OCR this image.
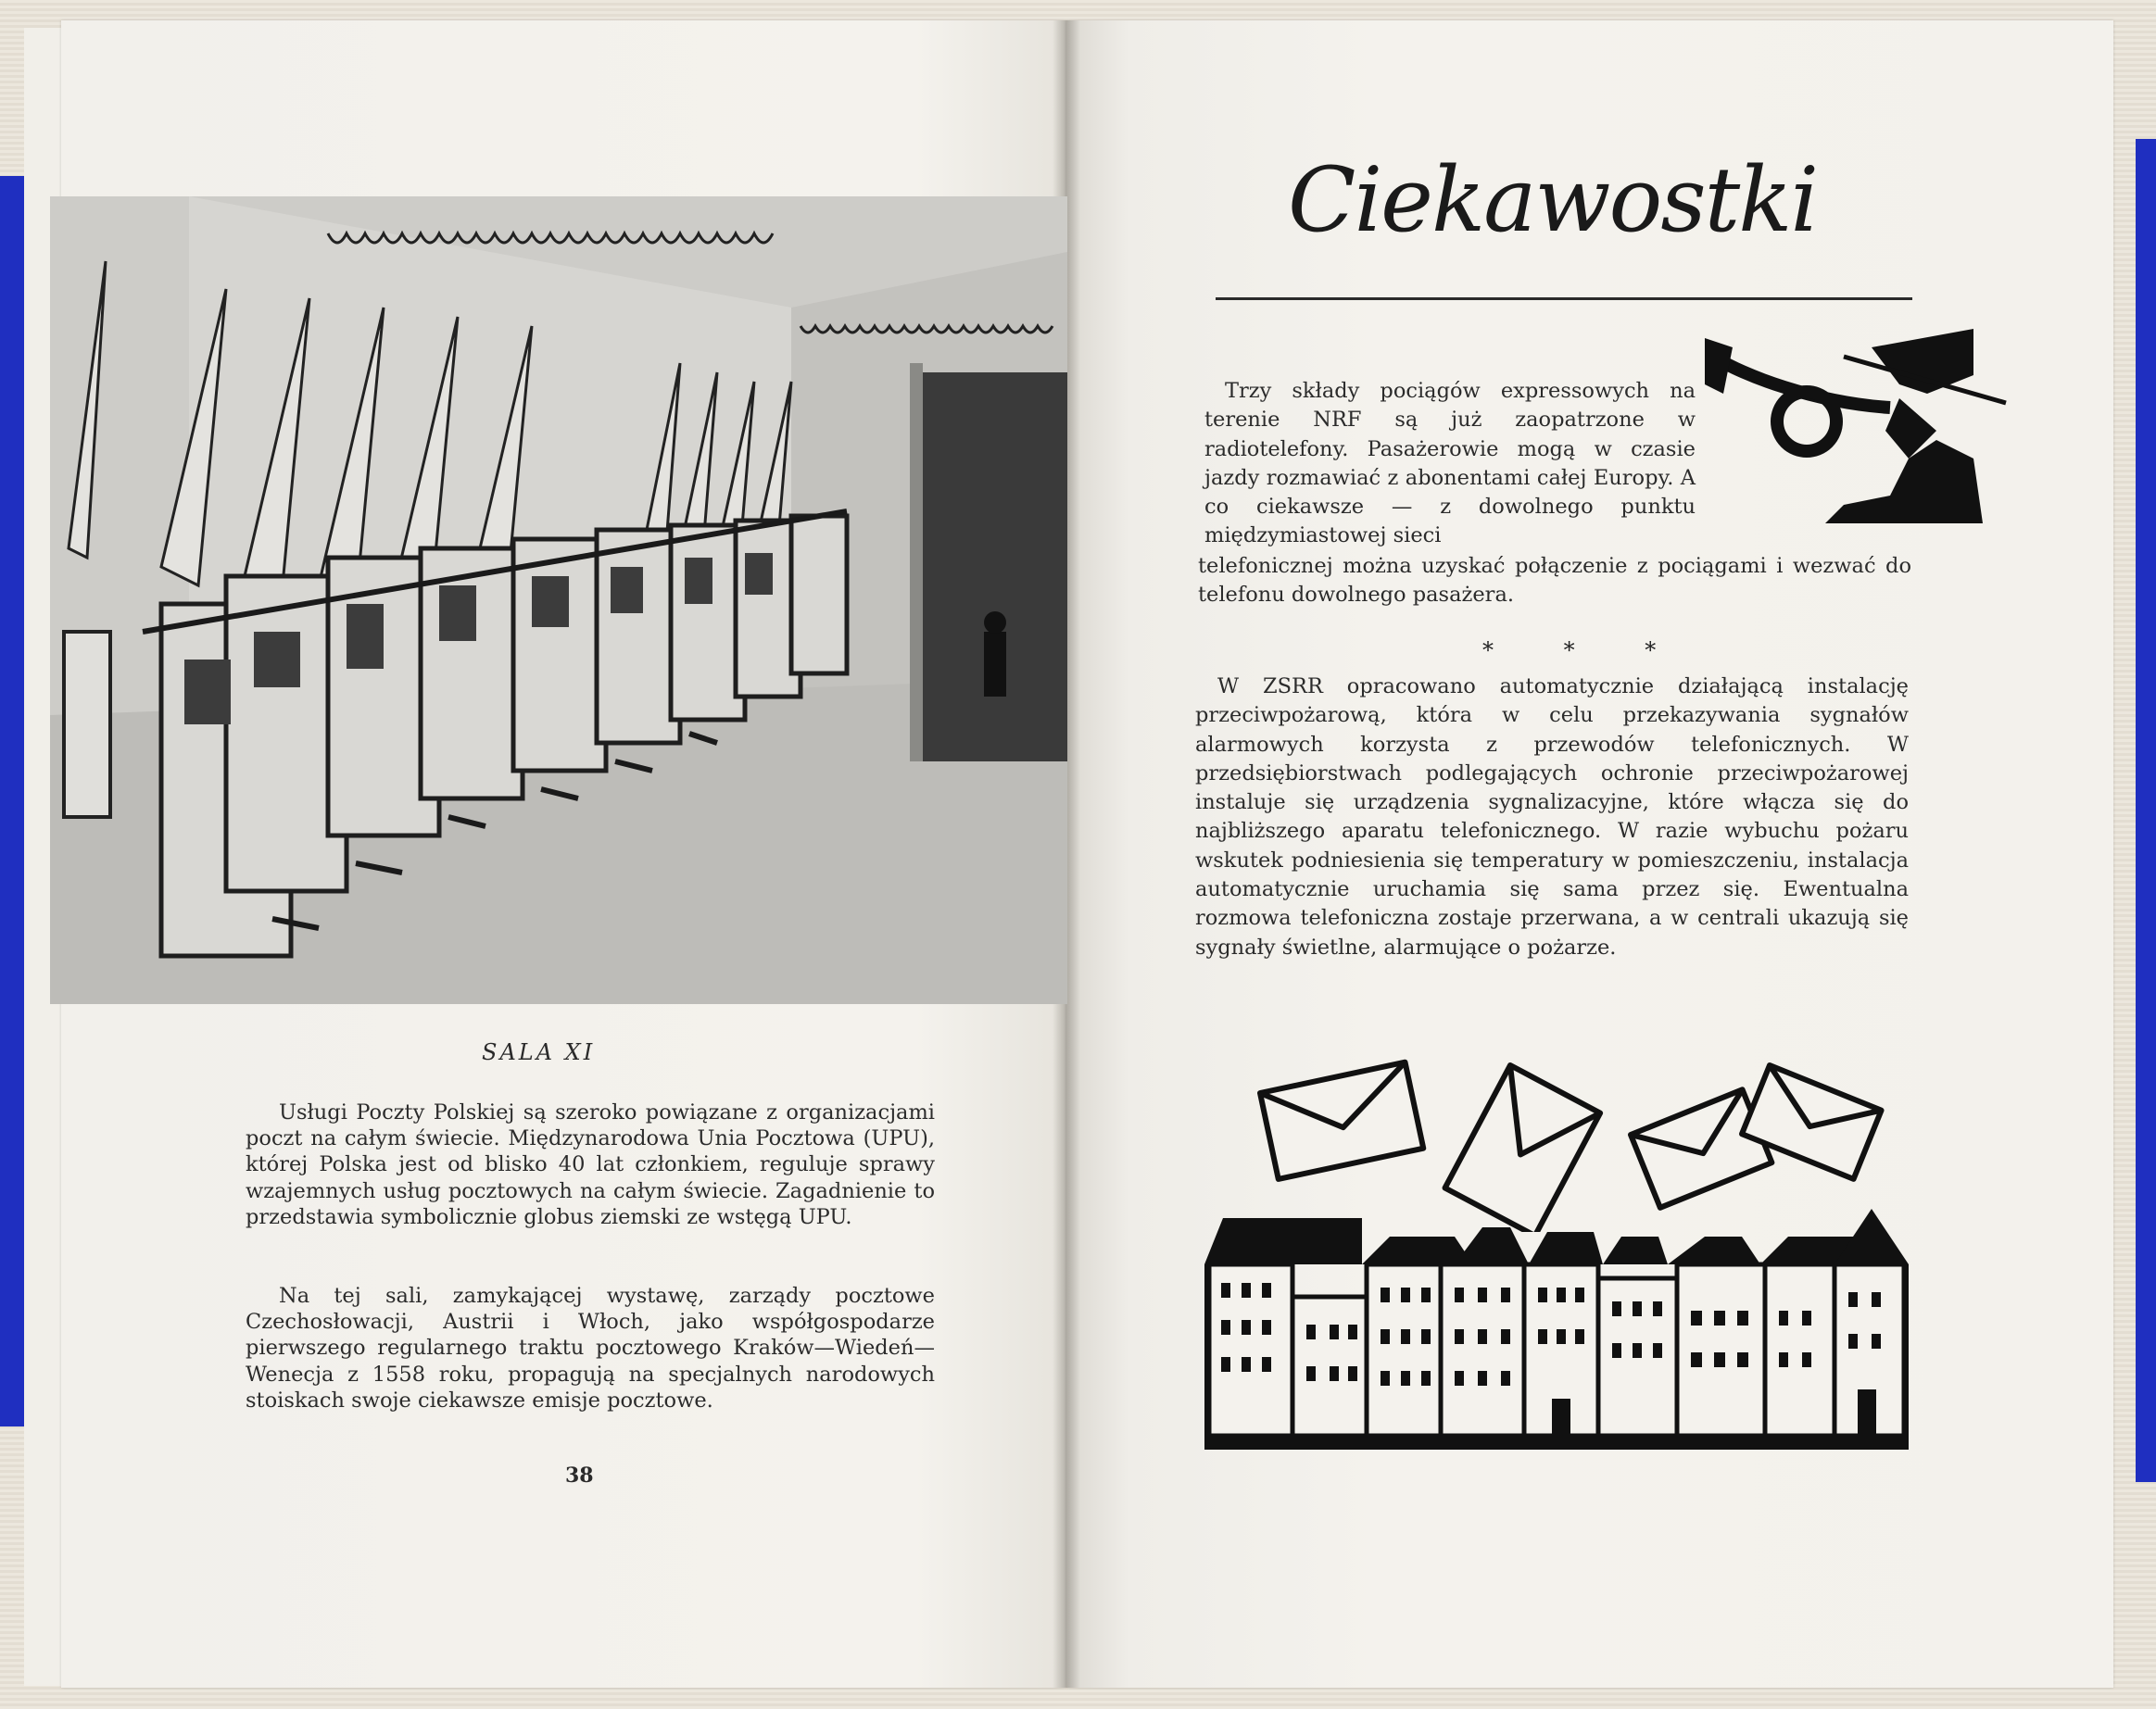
SALA XI
Usługi Poczty Polskiej są szeroko powiązane z organizacjami poczt na całym świecie. Międzynarodowa Unia Pocztowa (UPU), której Polska jest od blisko 40 lat członkiem, reguluje sprawy wzajemnych usług pocztowych na całym świecie. Zagadnienie to przedstawia symbolicznie globus ziemski ze wstęgą UPU.
Na tej sali, zamykającej wystawę, zarządy pocztowe Czechosłowacji, Austrii i Włoch, jako współgospodarze pierwszego regularnego traktu pocztowego Kraków—Wiedeń—Wenecja z 1558 roku, propagują na specjalnych narodowych stoiskach swoje ciekawsze emisje pocztowe.
38
Ciekawostki
Trzy składy pociągów expressowych na terenie NRF są już zaopatrzone w radiotelefony. Pasażerowie mogą w czasie jazdy rozmawiać z abonentami całej Europy. A co ciekawsze — z dowolnego punktu międzymiastowej sieci
telefonicznej można uzyskać połączenie z pociągami i wezwać do telefonu dowolnego pasażera.
* * *
W ZSRR opracowano automatycznie działającą instalację przeciwpożarową, która w celu przekazywania sygnałów alarmowych korzysta z przewodów telefonicznych. W przedsiębiorstwach podlegających ochronie przeciwpożarowej instaluje się urządzenia sygnalizacyjne, które włącza się do najbliższego aparatu telefonicznego. W razie wybuchu pożaru wskutek podniesienia się temperatury w pomieszczeniu, instalacja automatycznie uruchamia się sama przez się. Ewentualna rozmowa telefoniczna zostaje przerwana, a w centrali ukazują się sygnały świetlne, alarmujące o pożarze.
